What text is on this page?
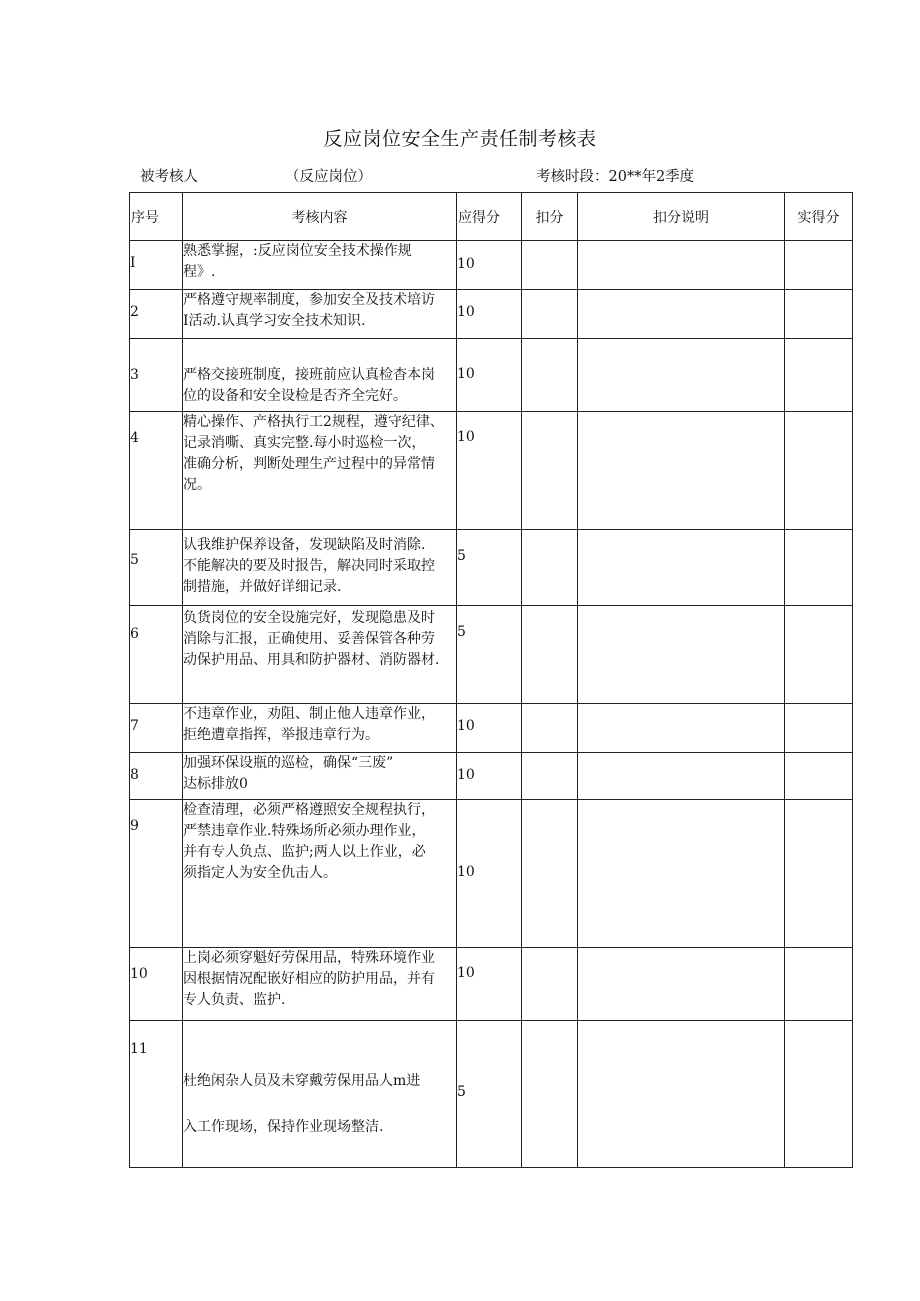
反应岗位安全生产责任制考核表
被考核人	（反应岗位）	考核时段：20**年2季度
序号	考核内容	应得分	扣分	扣分说明	实得分
I	熟悉掌握，:反应岗位安全技术操作规
程》.	10			
2	严格遵守规率制度，参加安全及技术培访
I活动.认真学习安全技术知识.	10			
3	严格交接班制度，接班前应认真检杳本岗
位的设备和安全设检是否齐全完好。	10			
4	精心操作、产格执行工2规程，遵守纪律、
记录消嘶、真实完整.每小时巡检一次，
准确分析，判断处理生产过程中的异常情
况。	10			
5	认我维护保养设备，发现缺陷及时消除.
不能解决的要及时报告，解决同时采取控
制措施，并做好详细记录.	5			
6	负货岗位的安全设施完好，发现隐患及时
消除与汇报，正确使用、妥善保管各种劳
动保护用品、用具和防护器材、消防器材.	5			
7	不违章作业，劝阻、制止他人违章作业，
拒绝遭章指挥，举报违章行为。	10			
8	加强环保设瓶的巡检，确保“三废”
达标排放0	10			
9	检查清理，必须严格遵照安全规程执行，
严禁违章作业.特殊场所必须办理作业，
并有专人负点、监护;两人以上作业，必
须指定人为安全仇击人。	10			
10	上岗必须穿魁好劳保用品，特殊环境作业
因根据情况配嵌好相应的防护用品，并有
专人负责、监护.	10			
11	杜绝闲杂人员及未穿戴劳保用品人m进
入工作现场，保持作业现场整洁.	5			
